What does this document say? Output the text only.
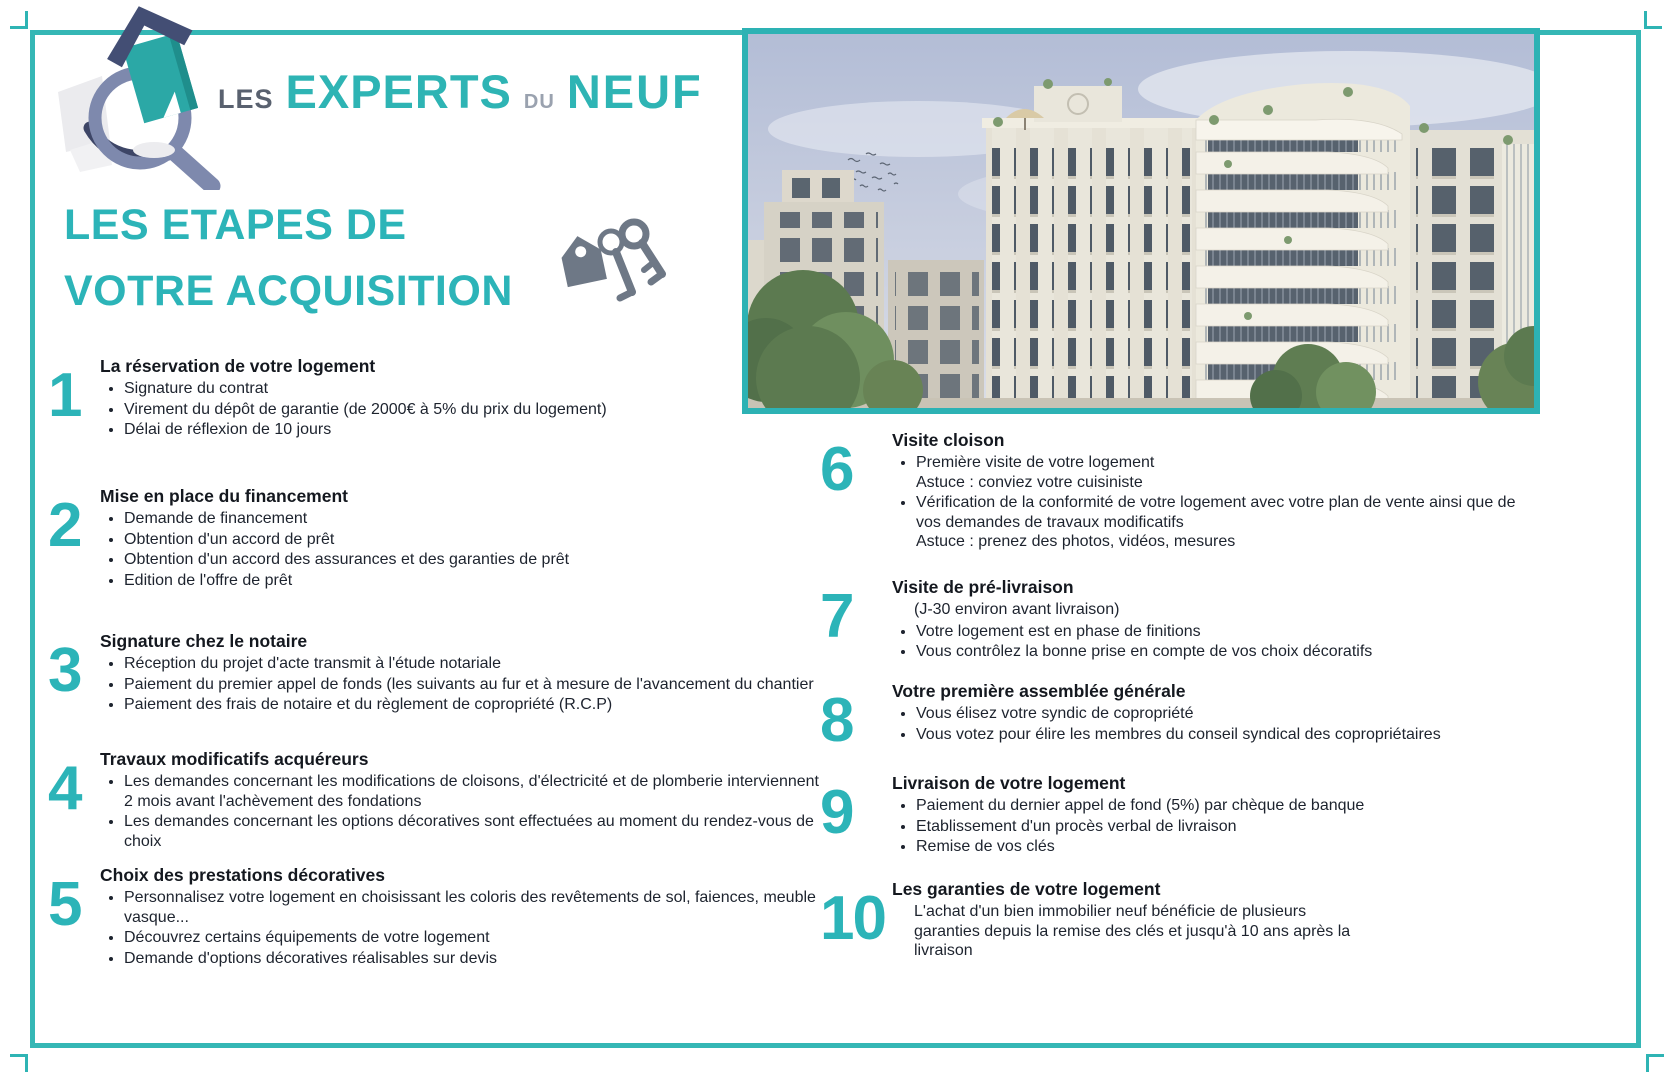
LES EXPERTS DU NEUF
LES ETAPES DE
VOTRE ACQUISITION
1	La réservation de votre logement
• Signature du contrat
• Virement du dépôt de garantie (de 2000€ à 5% du prix du logement)
• Délai de réflexion de 10 jours
2	Mise en place du financement
• Demande de financement
• Obtention d'un accord de prêt
• Obtention d'un accord des assurances et des garanties de prêt
• Edition de l'offre de prêt
3	Signature chez le notaire
• Réception du projet d'acte transmit à l'étude notariale
• Paiement du premier appel de fonds (les suivants au fur et à mesure de l'avancement du chantier
• Paiement des frais de notaire et du règlement de copropriété (R.C.P)
4	Travaux modificatifs acquéreurs
• Les demandes concernant les modifications de cloisons, d'électricité et de plomberie interviennent 2 mois avant l'achèvement des fondations
• Les demandes concernant les options décoratives sont effectuées au moment du rendez-vous de choix
5	Choix des prestations décoratives
• Personnalisez votre logement en choisissant les coloris des revêtements de sol, faiences, meuble vasque...
• Découvrez certains équipements de votre logement
• Demande d'options décoratives réalisables sur devis
6	Visite cloison
• Première visite de votre logement
Astuce : conviez votre cuisiniste
• Vérification de la conformité de votre logement avec votre plan de vente ainsi que de vos demandes de travaux modificatifs
Astuce : prenez des photos, vidéos, mesures
7	Visite de pré-livraison
(J-30 environ avant livraison)
• Votre logement est en phase de finitions
• Vous contrôlez la bonne prise en compte de vos choix décoratifs
8	Votre première assemblée générale
• Vous élisez votre syndic de copropriété
• Vous votez pour élire les membres du conseil syndical des copropriétaires
9	Livraison de votre logement
• Paiement du dernier appel de fond (5%) par chèque de banque
• Etablissement d'un procès verbal de livraison
• Remise de vos clés
10 Les garanties de votre logement
L'achat d'un bien immobilier neuf bénéficie de plusieurs garanties depuis la remise des clés et jusqu'à 10 ans après la livraison
